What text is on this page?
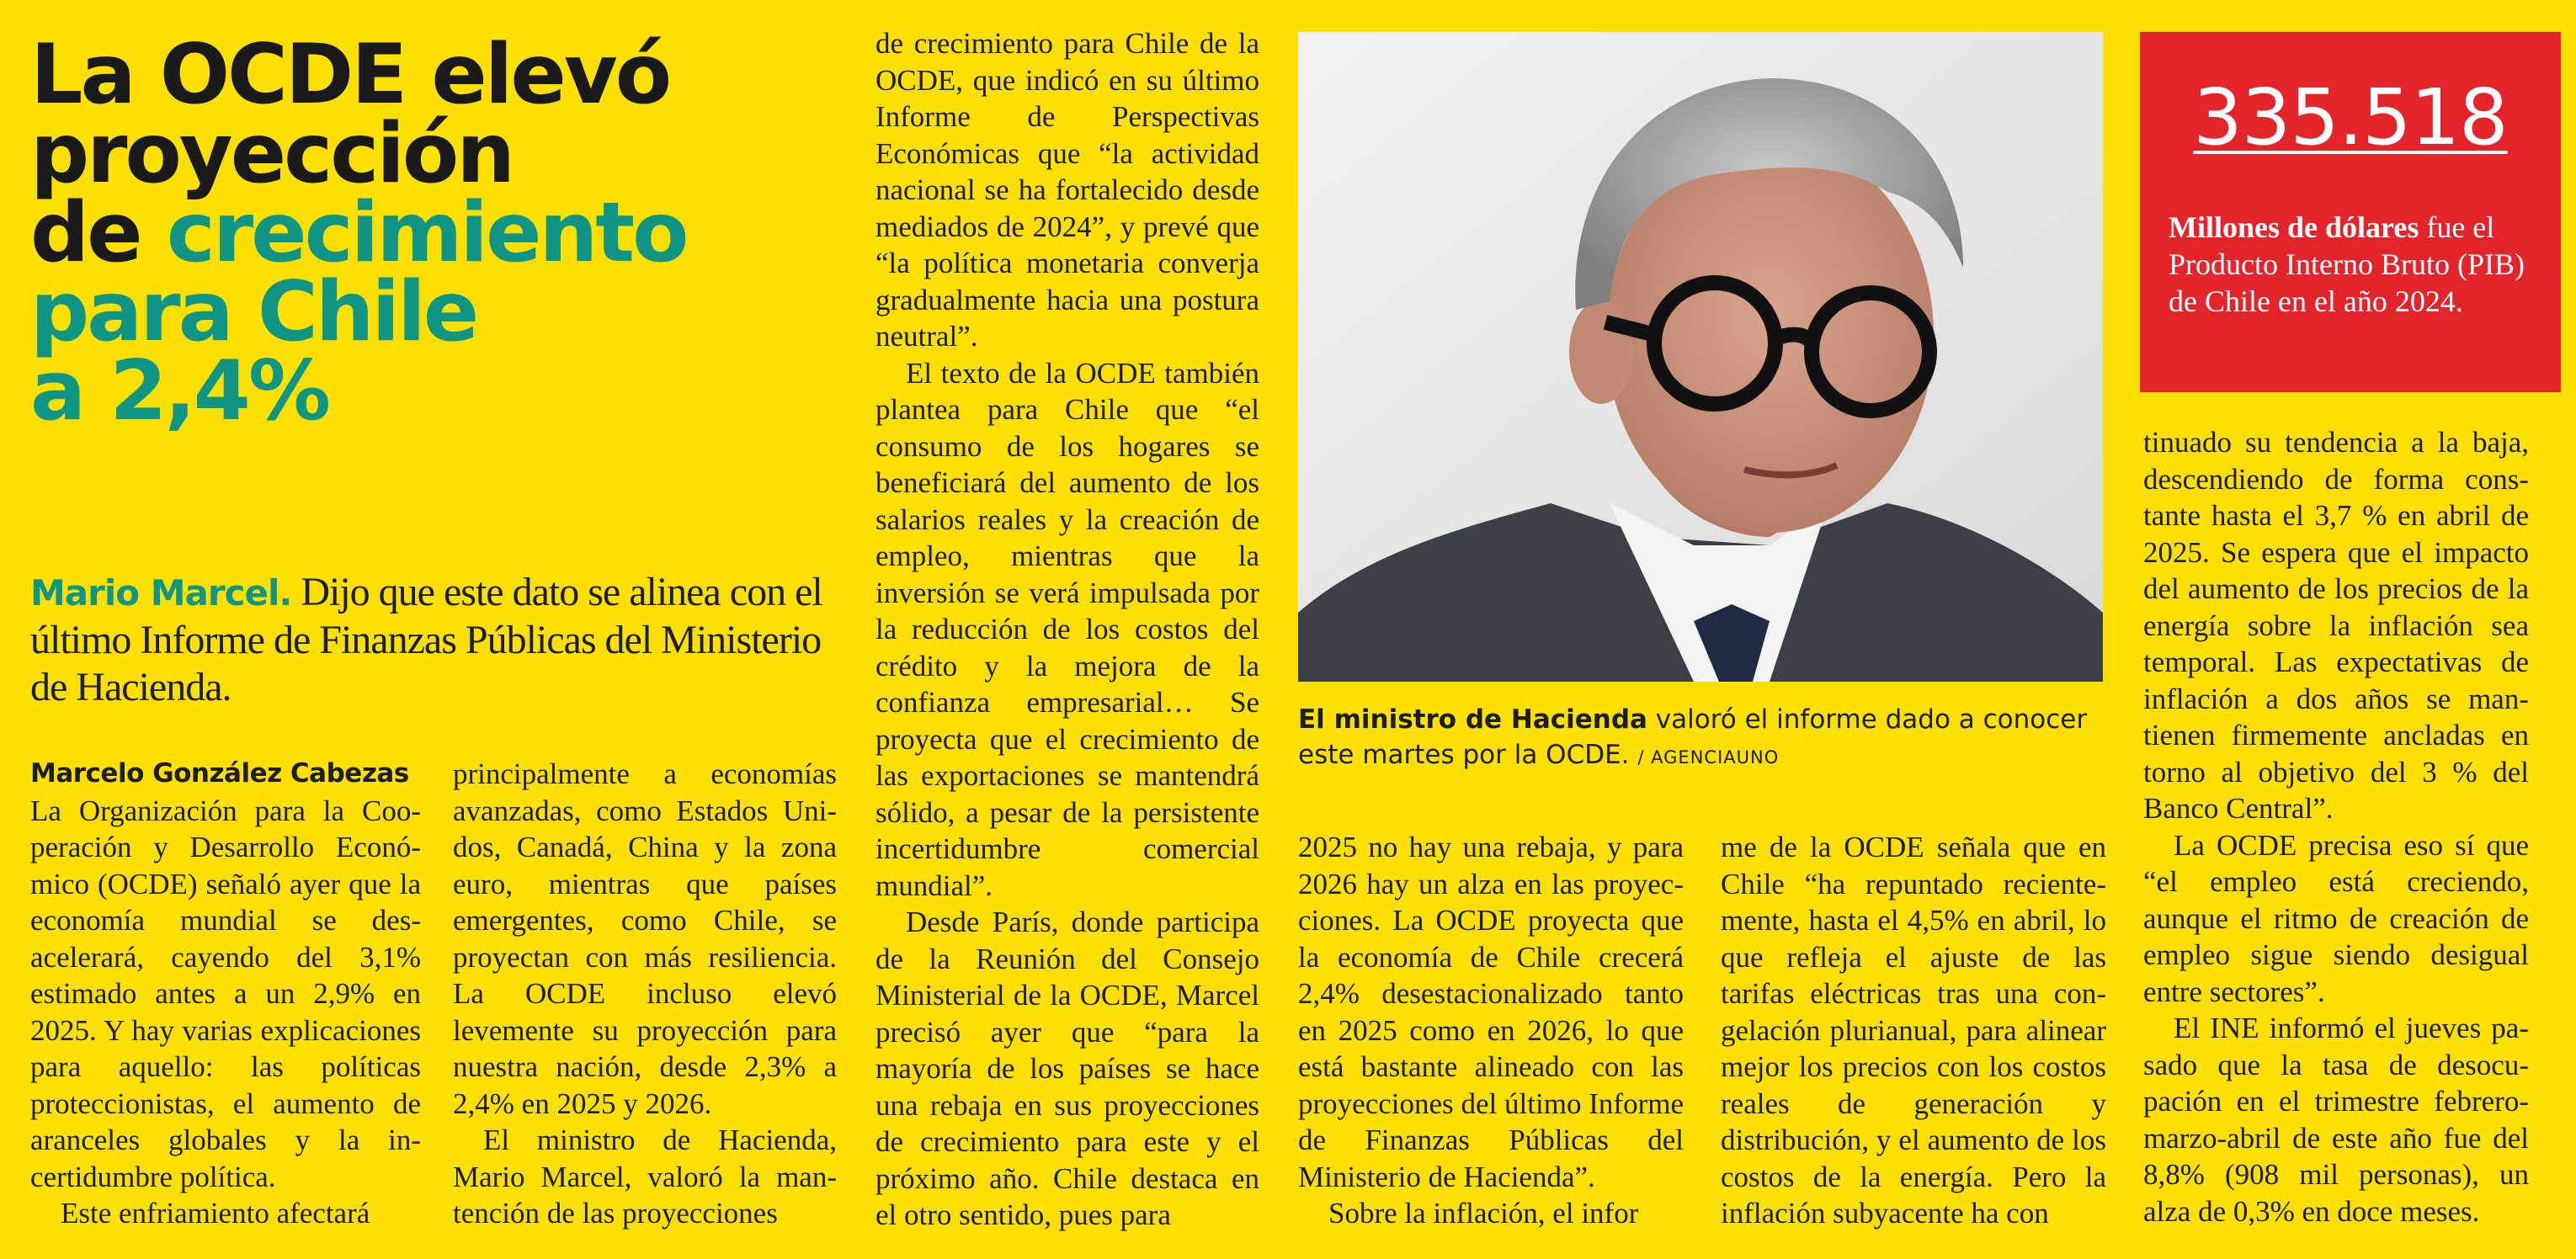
La OCDE elevó
proyección
de crecimiento
para Chile
a 2,4%
Mario Marcel. Dijo que este dato se alinea con el último Informe de Finanzas Públicas del Ministerio de Hacienda.
Marcelo González Cabezas

La Organización para la Cooperación y Desarrollo Económico (OCDE) señaló ayer que la economía mundial se desacelerará, cayendo del 3,1% estimado antes a un 2,9% en 2025. Y hay varias explicaciones para aquello: las políticas proteccionistas, el aumento de aranceles globales y la incertidumbre política.

Este enfriamiento afectará

principalmente a economías avanzadas, como Estados Unidos, Canadá, China y la zona euro, mientras que países emergentes, como Chile, se proyectan con más resiliencia. La OCDE incluso elevó levemente su proyección para nuestra nación, desde 2,3% a 2,4% en 2025 y 2026.

El ministro de Hacienda, Mario Marcel, valoró la mantención de las proyecciones

de crecimiento para Chile de la OCDE, que indicó en su último Informe de Perspectivas Económicas que “la actividad nacional se ha fortalecido desde mediados de 2024”, y prevé que “la política monetaria converja gradualmente hacia una postura neutral”.

El texto de la OCDE también plantea para Chile que “el consumo de los hogares se beneficiará del aumento de los salarios reales y la creación de empleo, mientras que la inversión se verá impulsada por la reducción de los costos del crédito y la mejora de la confianza empresarial… Se proyecta que el crecimiento de las exportaciones se mantendrá sólido, a pesar de la persistente incertidumbre comercial mundial”.

Desde París, donde participa de la Reunión del Consejo Ministerial de la OCDE, Marcel precisó ayer que “para la mayoría de los países se hace una rebaja en sus proyecciones de crecimiento para este y el próximo año. Chile destaca en el otro sentido, pues para

El ministro de Hacienda valoró el informe dado a conocer este martes por la OCDE. / AGENCIAUNO

2025 no hay una rebaja, y para 2026 hay un alza en las proyecciones. La OCDE proyecta que la economía de Chile crecerá 2,4% desestacionalizado tanto en 2025 como en 2026, lo que está bastante alineado con las proyecciones del último Informe de Finanzas Públicas del Ministerio de Hacienda”.

Sobre la inflación, el infor

me de la OCDE señala que en Chile “ha repuntado recientemente, hasta el 4,5% en abril, lo que refleja el ajuste de las tarifas eléctricas tras una congelación plurianual, para alinear mejor los precios con los costos reales de generación y distribución, y el aumento de los costos de la energía. Pero la inflación subyacente ha con

335.518
Millones de dólares fue el Producto Interno Bruto (PIB) de Chile en el año 2024.

tinuado su tendencia a la baja, descendiendo de forma constante hasta el 3,7 % en abril de 2025. Se espera que el impacto del aumento de los precios de la energía sobre la inflación sea temporal. Las expectativas de inflación a dos años se mantienen firmemente ancladas en torno al objetivo del 3 % del Banco Central”.

La OCDE precisa eso sí que “el empleo está creciendo, aunque el ritmo de creación de empleo sigue siendo desigual entre sectores”.

El INE informó el jueves pasado que la tasa de desocupación en el trimestre febrero-marzo-abril de este año fue del 8,8% (908 mil personas), un alza de 0,3% en doce meses.
